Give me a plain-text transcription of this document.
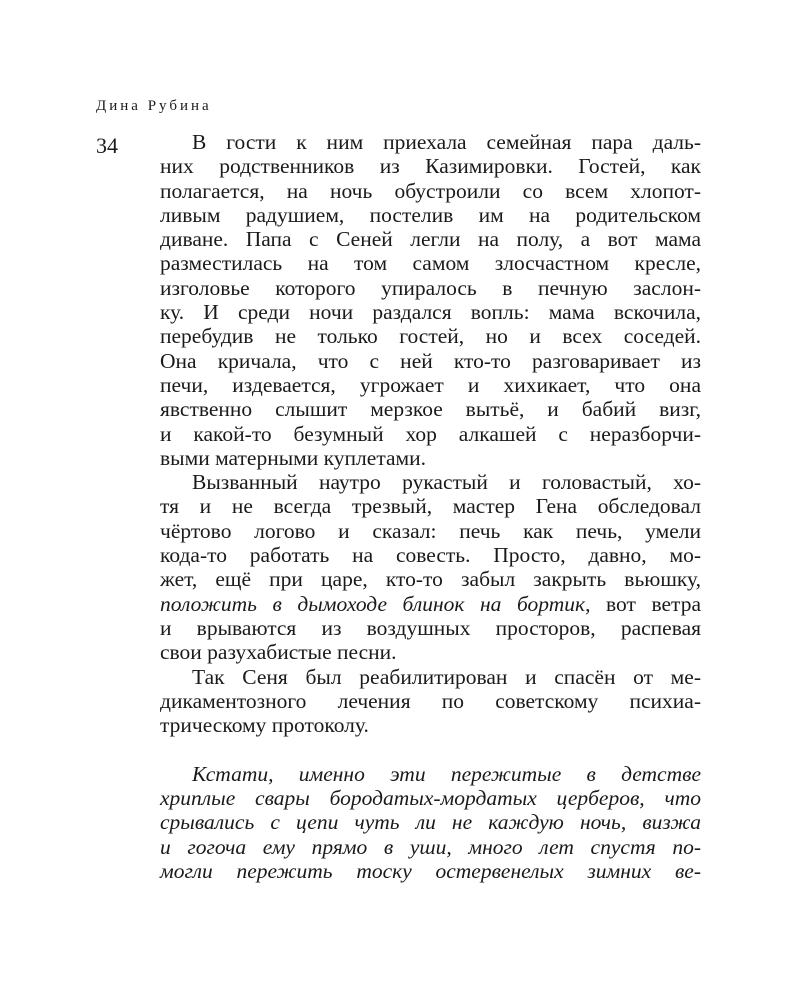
Дина Рубина
34	В гости к ним приехала семейная пара даль-
них родственников из Казимировки. Гостей, как
полагается, на ночь обустроили со всем хлопот-
ливым радушием, постелив им на родительском
диване. Папа с Сеней легли на полу, а вот мама
разместилась на том самом злосчастном кресле,
изголовье которого упиралось в печную заслон-
ку. И среди ночи раздался вопль: мама вскочила,
перебудив не только гостей, но и всех соседей.
Она кричала, что с ней кто-то разговаривает из
печи, издевается, угрожает и хихикает, что она
явственно слышит мерзкое вытьё, и бабий визг,
и какой-то безумный хор алкашей с неразборчи-
выми матерными куплетами.
Вызванный наутро рукастый и головастый, хо-
тя и не всегда трезвый, мастер Гена обследовал
чёртово логово и сказал: печь как печь, умели
кода-то работать на совесть. Просто, давно, мо-
жет, ещё при царе, кто-то забыл закрыть вьюшку,
положить в дымоходе блинок на бортик, вот ветра
и врываются из воздушных просторов, распевая
свои разухабистые песни.
Так Сеня был реабилитирован и спасён от ме-
дикаментозного лечения по советскому психиа-
трическому протоколу.
Кстати, именно эти пережитые в детстве
хриплые свары бородатых-мордатых церберов, что
срывались с цепи чуть ли не каждую ночь, визжа
и гогоча ему прямо в уши, много лет спустя по-
могли пережить тоску остервенелых зимних ве-
